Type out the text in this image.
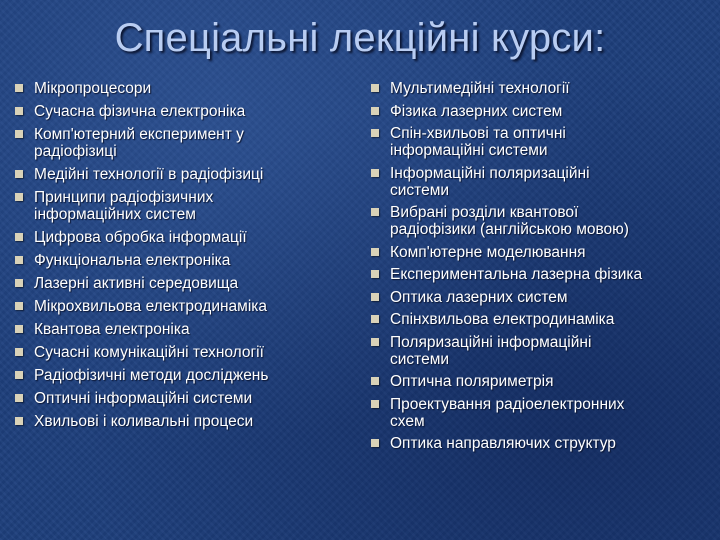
Спеціальні лекційні курси:
Мікропроцесори
Сучасна фізична електроніка
Комп'ютерний експеримент у
радіофізиці
Медійні технології в радіофізиці
Принципи радіофізичних
інформаційних систем
Цифрова обробка інформації
Функціональна електроніка
Лазерні активні середовища
Мікрохвильова електродинаміка
Квантова електроніка
Сучасні комунікаційні технології
Радіофізичні методи досліджень
Оптичні інформаційні системи
Хвильові і коливальні процеси
Мультимедійні технології
Фізика лазерних систем
Спін-хвильові та оптичні
інформаційні системи
Інформаційні поляризаційні
системи
Вибрані розділи квантової
радіофізики (англійською мовою)
Комп'ютерне моделювання
Експериментальна лазерна фізика
Оптика лазерних систем
Спінхвильова електродинаміка
Поляризаційні інформаційні
системи
Оптична поляриметрія
Проектування радіоелектронних
схем
Оптика направляючих структур
